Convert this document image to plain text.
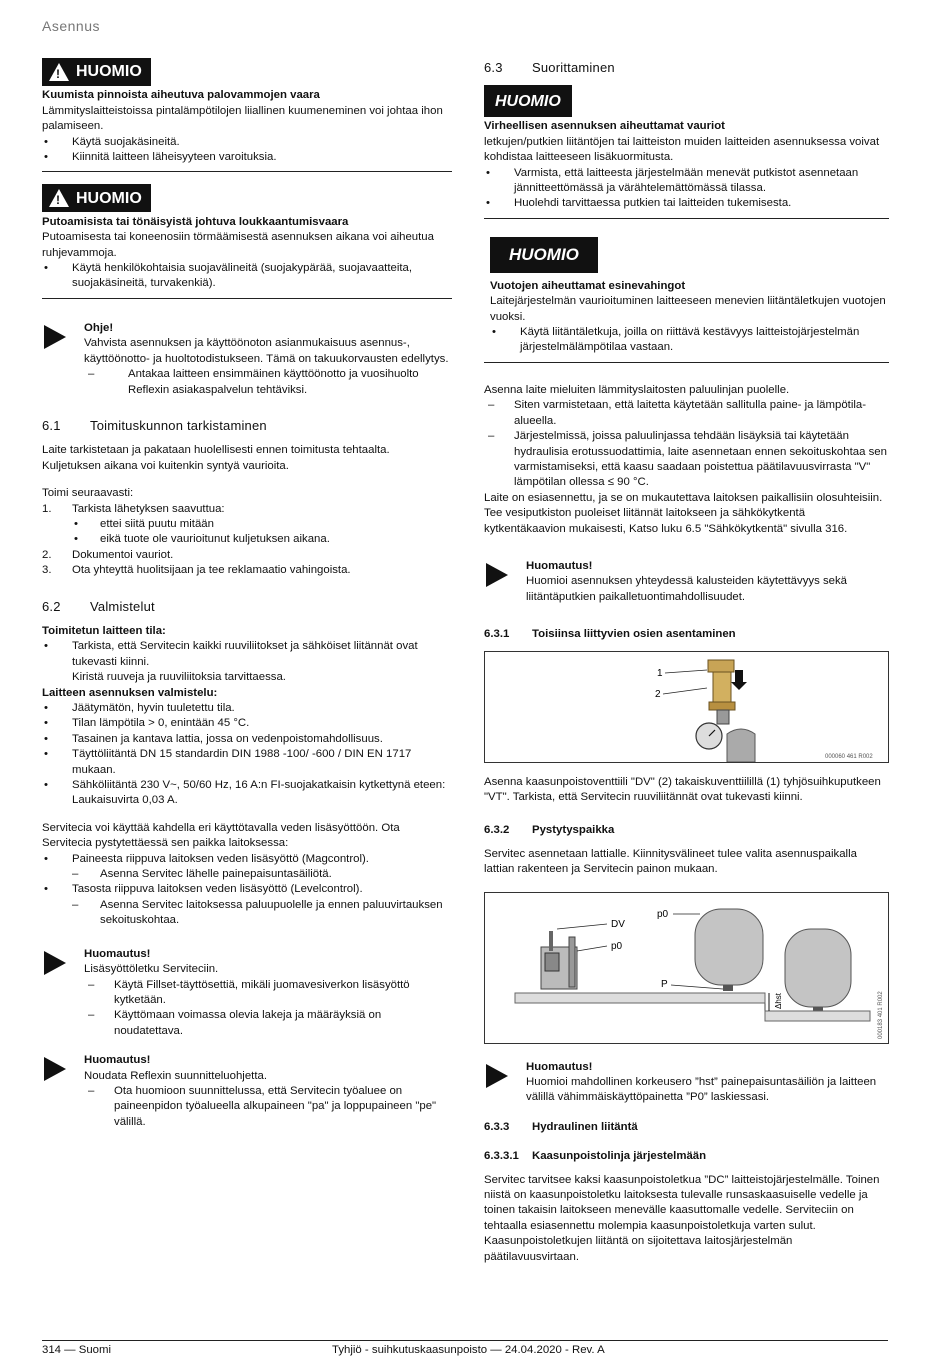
Asennus
! HUOMIO
Kuumista pinnoista aiheutuva palovammojen vaara
Lämmityslaitteistoissa pintalämpötilojen liiallinen kuumeneminen voi johtaa ihon palamiseen.
• Käytä suojakäsineitä.
• Kiinnitä laitteen läheisyyteen varoituksia.
! HUOMIO
Putoamisista tai tönäisyistä johtuva loukkaantumisvaara
Putoamisesta tai koneenosiin törmäämisestä asennuksen aikana voi aiheutua ruhjevammoja.
• Käytä henkilökohtaisia suojavälineitä (suojakypärää, suojavaatteita, suojakäsineitä, turvakenkiä).
Ohje!
Vahvista asennuksen ja käyttöönoton asianmukaisuus asennus-, käyttöönotto- ja huoltotodistukseen. Tämä on takuukorvausten edellytys.
– Antakaa laitteen ensimmäinen käyttöönotto ja vuosihuolto Reflexin asiakaspalvelun tehtäviksi.
6.1 Toimituskunnon tarkistaminen
Laite tarkistetaan ja pakataan huolellisesti ennen toimitusta tehtaalta.
Kuljetuksen aikana voi kuitenkin syntyä vaurioita.
Toimi seuraavasti:
1. Tarkista lähetyksen saavuttua:
• ettei siitä puutu mitään
• eikä tuote ole vaurioitunut kuljetuksen aikana.
2. Dokumentoi vauriot.
3. Ota yhteyttä huolitsijaan ja tee reklamaatio vahingoista.
6.2 Valmistelut
Toimitetun laitteen tila:
• Tarkista, että Servitecin kaikki ruuviliitokset ja sähköiset liitännät ovat tukevasti kiinni.
Kiristä ruuveja ja ruuviliitoksia tarvittaessa.
Laitteen asennuksen valmistelu:
• Jäätymätön, hyvin tuuletettu tila.
• Tilan lämpötila > 0, enintään 45 °C.
• Tasainen ja kantava lattia, jossa on vedenpoistomahdollisuus.
• Täyttöliitäntä DN 15 standardin DIN 1988 -100/ -600 / DIN EN 1717 mukaan.
• Sähköliitäntä 230 V~, 50/60 Hz, 16 A:n FI-suojakatkaisin kytkettynä eteen: Laukaisuvirta 0,03 A.
Servitecia voi käyttää kahdella eri käyttötavalla veden lisäsyöttöön. Ota Servitecia pystytettäessä sen paikka laitoksessa:
• Paineesta riippuva laitoksen veden lisäsyöttö (Magcontrol).
– Asenna Servitec lähelle painepaisuntasäiliötä.
• Tasosta riippuva laitoksen veden lisäsyöttö (Levelcontrol).
– Asenna Servitec laitoksessa paluupuolelle ja ennen paluuvirtauksen sekoituskohtaa.
Huomautus!
Lisäsyöttöletku Serviteciin.
– Käytä Fillset-täyttösettiä, mikäli juomavesiverkon lisäsyöttö kytketään.
– Käyttömaan voimassa olevia lakeja ja määräyksiä on noudatettava.
Huomautus!
Noudata Reflexin suunnitteluohjetta.
– Ota huomioon suunnittelussa, että Servitecin työaluee on paineenpidon työalueella alkupaineen "pa" ja loppupaineen "pe" välillä.
6.3 Suorittaminen
HUOMIO
Virheellisen asennuksen aiheuttamat vauriot
letkujen/putkien liitäntöjen tai laitteiston muiden laitteiden asennuksessa voivat kohdistaa laitteeseen lisäkuormitusta.
• Varmista, että laitteesta järjestelmään menevät putkistot asennetaan jännitteettömässä ja värähtelemättömässä tilassa.
• Huolehdi tarvittaessa putkien tai laitteiden tukemisesta.
HUOMIO
Vuotojen aiheuttamat esinevahingot
Laitejärjestelmän vaurioituminen laitteeseen menevien liitäntäletkujen vuotojen vuoksi.
• Käytä liitäntäletkuja, joilla on riittävä kestävyys laitteistojärjestelmän järjestelmälämpötilaa vastaan.
Asenna laite mieluiten lämmityslaitosten paluulinjan puolelle.
– Siten varmistetaan, että laitetta käytetään sallitulla paine- ja lämpötila-alueella.
– Järjestelmissä, joissa paluulinjassa tehdään lisäyksiä tai käytetään hydraulisia erotussuodattimia, laite asennetaan ennen sekoituskohtaa sen varmistamiseksi, että kaasu saadaan poistettua päätilavuusvirrasta "V" lämpötilan ollessa ≤ 90 °C.
Laite on esiasennettu, ja se on mukautettava laitoksen paikallisiin olosuhteisiin. Tee vesiputkiston puoleiset liitännät laitokseen ja sähkökytkentä kytkentäkaavion mukaisesti, Katso luku 6.5 "Sähkökytkentä" sivulla 316.
Huomautus!
Huomioi asennuksen yhteydessä kalusteiden käytettävyys sekä liitäntäputkien paikalletuontimahdollisuudet.
6.3.1 Toisiinsa liittyvien osien asentaminen
1
2
000060 461 R002
Asenna kaasunpoistoventtiili "DV" (2) takaiskuventtiilillä (1) tyhjösuihkuputkeen "VT". Tarkista, että Servitecin ruuviliitännät ovat tukevasti kiinni.
6.3.2 Pystytyspaikka
Servitec asennetaan lattialle. Kiinnitysvälineet tulee valita asennuspaikalla lattian rakenteen ja Servitecin painon mukaan.
DV
p0
p0
P
Δhst	000183 401 R002
Huomautus!
Huomioi mahdollinen korkeusero ”hst” painepaisuntasäiliön ja laitteen välillä vähimmäiskäyttöpainetta ”P0” laskiessasi.
6.3.3 Hydraulinen liitäntä
6.3.3.1 Kaasunpoistolinja järjestelmään
Servitec tarvitsee kaksi kaasunpoistoletkua ”DC” laitteistojärjestelmälle. Toinen niistä on kaasunpoistoletku laitoksesta tulevalle runsaskaasuiselle vedelle ja toinen takaisin laitokseen menevälle kaasuttomalle vedelle. Serviteciin on tehtaalla esiasennettu molempia kaasunpoistoletkuja varten sulut.
Kaasunpoistoletkujen liitäntä on sijoitettava laitosjärjestelmän päätilavuusvirtaan.
314 — Suomi	Tyhjiö - suihkutuskaasunpoisto — 24.04.2020 - Rev. A
